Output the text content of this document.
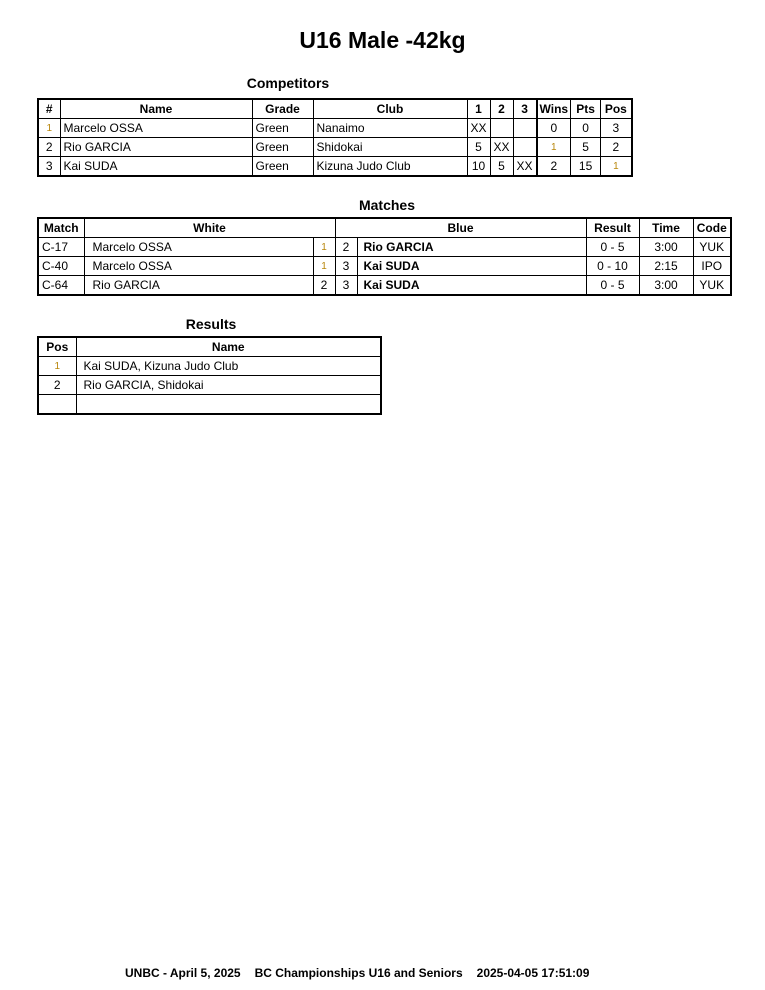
U16 Male -42kg
Competitors
#	Name	Grade	Club	1	2	3	Wins	Pts	Pos
1	Marcelo OSSA	Green	Nanaimo	XX			0	0	3
2	Rio GARCIA	Green	Shidokai	5	XX		1	5	2
3	Kai SUDA	Green	Kizuna Judo Club	10	5	XX	2	15	1
Matches
Match	White		Blue		Result	Time	Code
C-17	Marcelo OSSA	1	2	Rio GARCIA	0 - 5	3:00	YUK
C-40	Marcelo OSSA	1	3	Kai SUDA	0 - 10	2:15	IPO
C-64	Rio GARCIA	2	3	Kai SUDA	0 - 5	3:00	YUK
Results
Pos	Name
1	Kai SUDA, Kizuna Judo Club
2	Rio GARCIA, Shidokai

UNBC - April 5, 2025 BC Championships U16 and Seniors 2025-04-05 17:51:09
